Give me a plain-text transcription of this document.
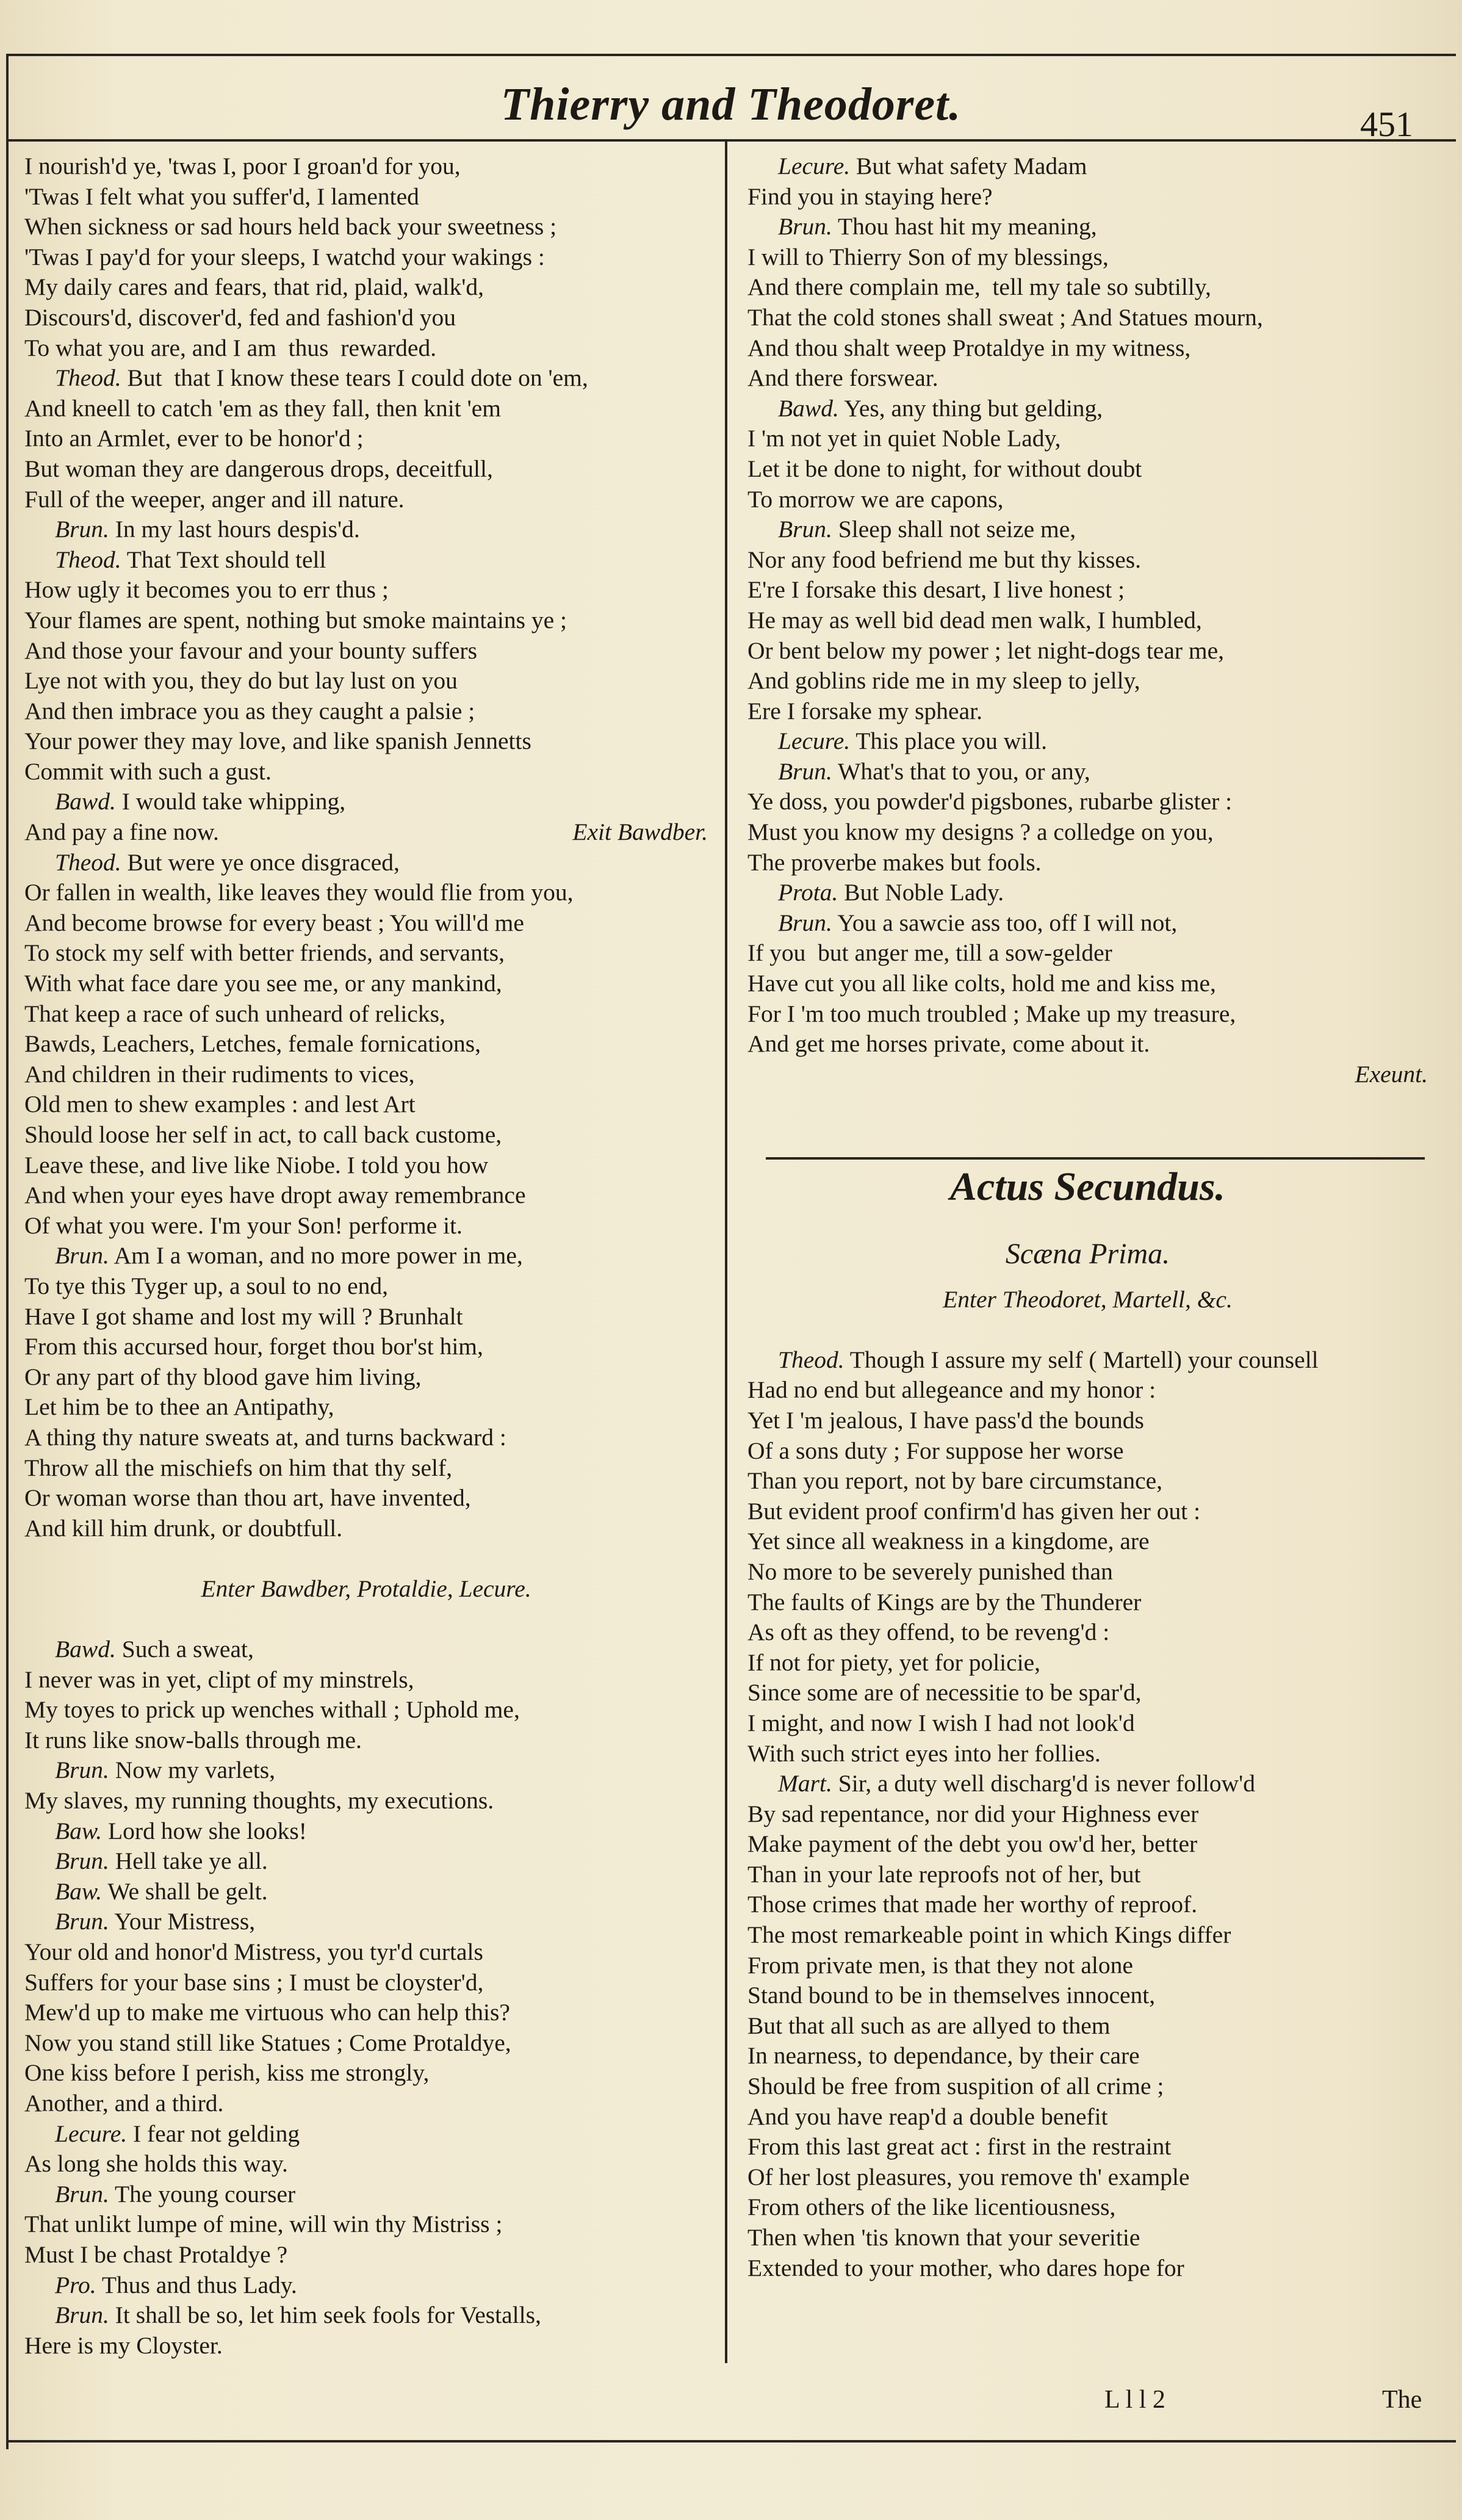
Thierry and Theodoret.	451
I nourish'd ye, 'twas I, poor I groan'd for you,
'Twas I felt what you suffer'd, I lamented
When sickness or sad hours held back your sweetness ;
'Twas I pay'd for your sleeps, I watchd your wakings :
My daily cares and fears, that rid, plaid, walk'd,
Discours'd, discover'd, fed and fashion'd you
To what you are, and I am  thus  rewarded.
Theod. But  that I know these tears I could dote on 'em,
And kneell to catch 'em as they fall, then knit 'em
Into an Armlet, ever to be honor'd ;
But woman they are dangerous drops, deceitfull,
Full of the weeper, anger and ill nature.
Brun. In my last hours despis'd.
Theod. That Text should tell
How ugly it becomes you to err thus ;
Your flames are spent, nothing but smoke maintains ye ;
And those your favour and your bounty suffers
Lye not with you, they do but lay lust on you
And then imbrace you as they caught a palsie ;
Your power they may love, and like spanish Jennetts
Commit with such a gust.
Bawd. I would take whipping,
And pay a fine now.	Exit Bawdber.
Theod. But were ye once disgraced,
Or fallen in wealth, like leaves they would flie from you,
And become browse for every beast ; You will'd me
To stock my self with better friends, and servants,
With what face dare you see me, or any mankind,
That keep a race of such unheard of relicks,
Bawds, Leachers, Letches, female fornications,
And children in their rudiments to vices,
Old men to shew examples : and lest Art
Should loose her self in act, to call back custome,
Leave these, and live like Niobe. I told you how
And when your eyes have dropt away remembrance
Of what you were. I'm your Son! performe it.
Brun. Am I a woman, and no more power in me,
To tye this Tyger up, a soul to no end,
Have I got shame and lost my will ? Brunhalt
From this accursed hour, forget thou bor'st him,
Or any part of thy blood gave him living,
Let him be to thee an Antipathy,
A thing thy nature sweats at, and turns backward :
Throw all the mischiefs on him that thy self,
Or woman worse than thou art, have invented,
And kill him drunk, or doubtfull.
Enter Bawdber, Protaldie, Lecure.
Bawd. Such a sweat,
I never was in yet, clipt of my minstrels,
My toyes to prick up wenches withall ; Uphold me,
It runs like snow-balls through me.
Brun. Now my varlets,
My slaves, my running thoughts, my executions.
Baw. Lord how she looks!
Brun. Hell take ye all.
Baw. We shall be gelt.
Brun. Your Mistress,
Your old and honor'd Mistress, you tyr'd curtals
Suffers for your base sins ; I must be cloyster'd,
Mew'd up to make me virtuous who can help this?
Now you stand still like Statues ; Come Protaldye,
One kiss before I perish, kiss me strongly,
Another, and a third.
Lecure. I fear not gelding
As long she holds this way.
Brun. The young courser
That unlikt lumpe of mine, will win thy Mistriss ;
Must I be chast Protaldye ?
Pro. Thus and thus Lady.
Brun. It shall be so, let him seek fools for Vestalls,
Here is my Cloyster.
Lecure. But what safety Madam
Find you in staying here?
Brun. Thou hast hit my meaning,
I will to Thierry Son of my blessings,
And there complain me,  tell my tale so subtilly,
That the cold stones shall sweat ; And Statues mourn,
And thou shalt weep Protaldye in my witness,
And there forswear.
Bawd. Yes, any thing but gelding,
I 'm not yet in quiet Noble Lady,
Let it be done to night, for without doubt
To morrow we are capons,
Brun. Sleep shall not seize me,
Nor any food befriend me but thy kisses.
E're I forsake this desart, I live honest ;
He may as well bid dead men walk, I humbled,
Or bent below my power ; let night-dogs tear me,
And goblins ride me in my sleep to jelly,
Ere I forsake my sphear.
Lecure. This place you will.
Brun. What's that to you, or any,
Ye doss, you powder'd pigsbones, rubarbe glister :
Must you know my designs ? a colledge on you,
The proverbe makes but fools.
Prota. But Noble Lady.
Brun. You a sawcie ass too, off I will not,
If you  but anger me, till a sow-gelder
Have cut you all like colts, hold me and kiss me,
For I 'm too much troubled ; Make up my treasure,
And get me horses private, come about it.
Exeunt.
Actus Secundus.
Scæna Prima.
Enter Theodoret, Martell, &c.
Theod. Though I assure my self ( Martell) your counsell
Had no end but allegeance and my honor :
Yet I 'm jealous, I have pass'd the bounds
Of a sons duty ; For suppose her worse
Than you report, not by bare circumstance,
But evident proof confirm'd has given her out :
Yet since all weakness in a kingdome, are
No more to be severely punished than
The faults of Kings are by the Thunderer
As oft as they offend, to be reveng'd :
If not for piety, yet for policie,
Since some are of necessitie to be spar'd,
I might, and now I wish I had not look'd
With such strict eyes into her follies.
Mart. Sir, a duty well discharg'd is never follow'd
By sad repentance, nor did your Highness ever
Make payment of the debt you ow'd her, better
Than in your late reproofs not of her, but
Those crimes that made her worthy of reproof.
The most remarkeable point in which Kings differ
From private men, is that they not alone
Stand bound to be in themselves innocent,
But that all such as are allyed to them
In nearness, to dependance, by their care
Should be free from suspition of all crime ;
And you have reap'd a double benefit
From this last great act : first in the restraint
Of her lost pleasures, you remove th' example
From others of the like licentiousness,
Then when 'tis known that your severitie
Extended to your mother, who dares hope for
L l l 2	The
